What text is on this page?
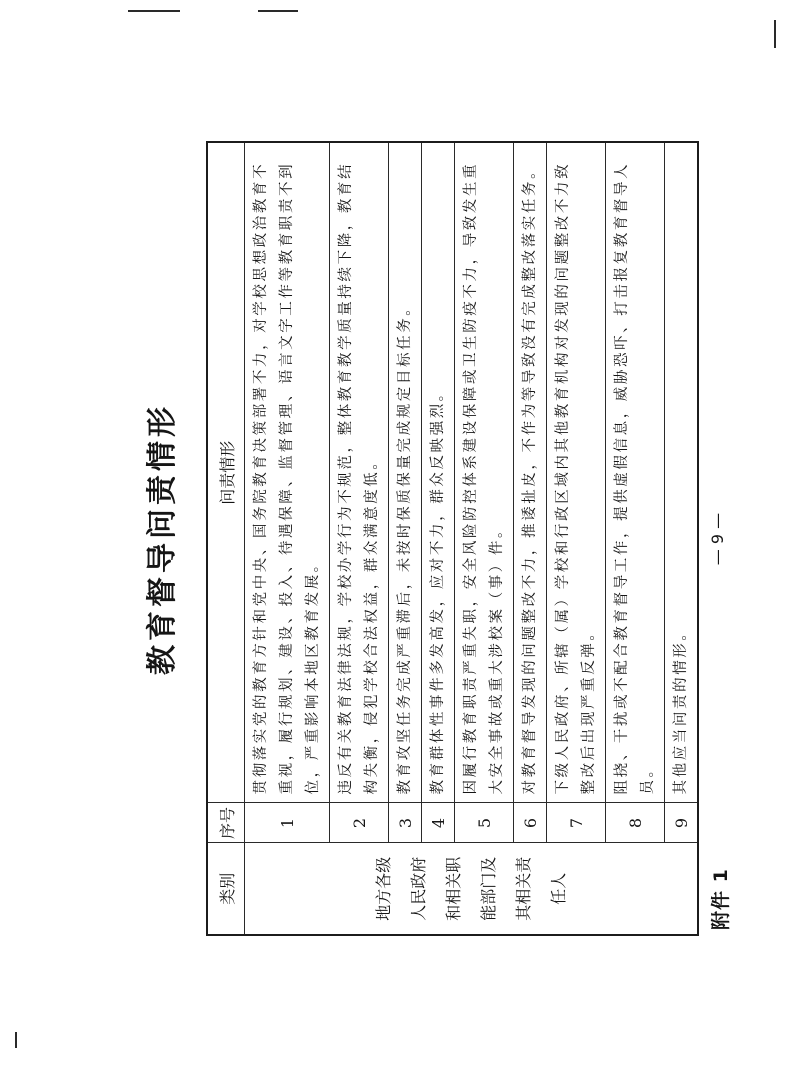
附件 1
教育督导问责情形
类别	序号	问责情形
地方各级人民政府和相关职能部门及其相关责任人	1	贯彻落实党的教育方针和党中央、国务院教育决策部署不力，对学校思想政治教育不重视，履行规划、建设、投入、待遇保障、监督管理、语言文字工作等教育职责不到位，严重影响本地区教育发展。
	2	违反有关教育法律法规，学校办学行为不规范，整体教育教学质量持续下降，教育结构失衡，侵犯学校合法权益，群众满意度低。
	3	教育攻坚任务完成严重滞后，未按时保质保量完成规定目标任务。
	4	教育群体性事件多发高发，应对不力，群众反映强烈。
	5	因履行教育职责严重失职，安全风险防控体系建设保障或卫生防疫不力，导致发生重大安全事故或重大涉校案（事）件。
	6	对教育督导发现的问题整改不力，推诿扯皮，不作为等导致没有完成整改落实任务。
	7	下级人民政府、所辖（属）学校和行政区域内其他教育机构对发现的问题整改不力致整改后出现严重反弹。
	8	阻挠、干扰或不配合教育督导工作，提供虚假信息，威胁恐吓、打击报复教育督导人员。
	9	其他应当问责的情形。
— 9 —
